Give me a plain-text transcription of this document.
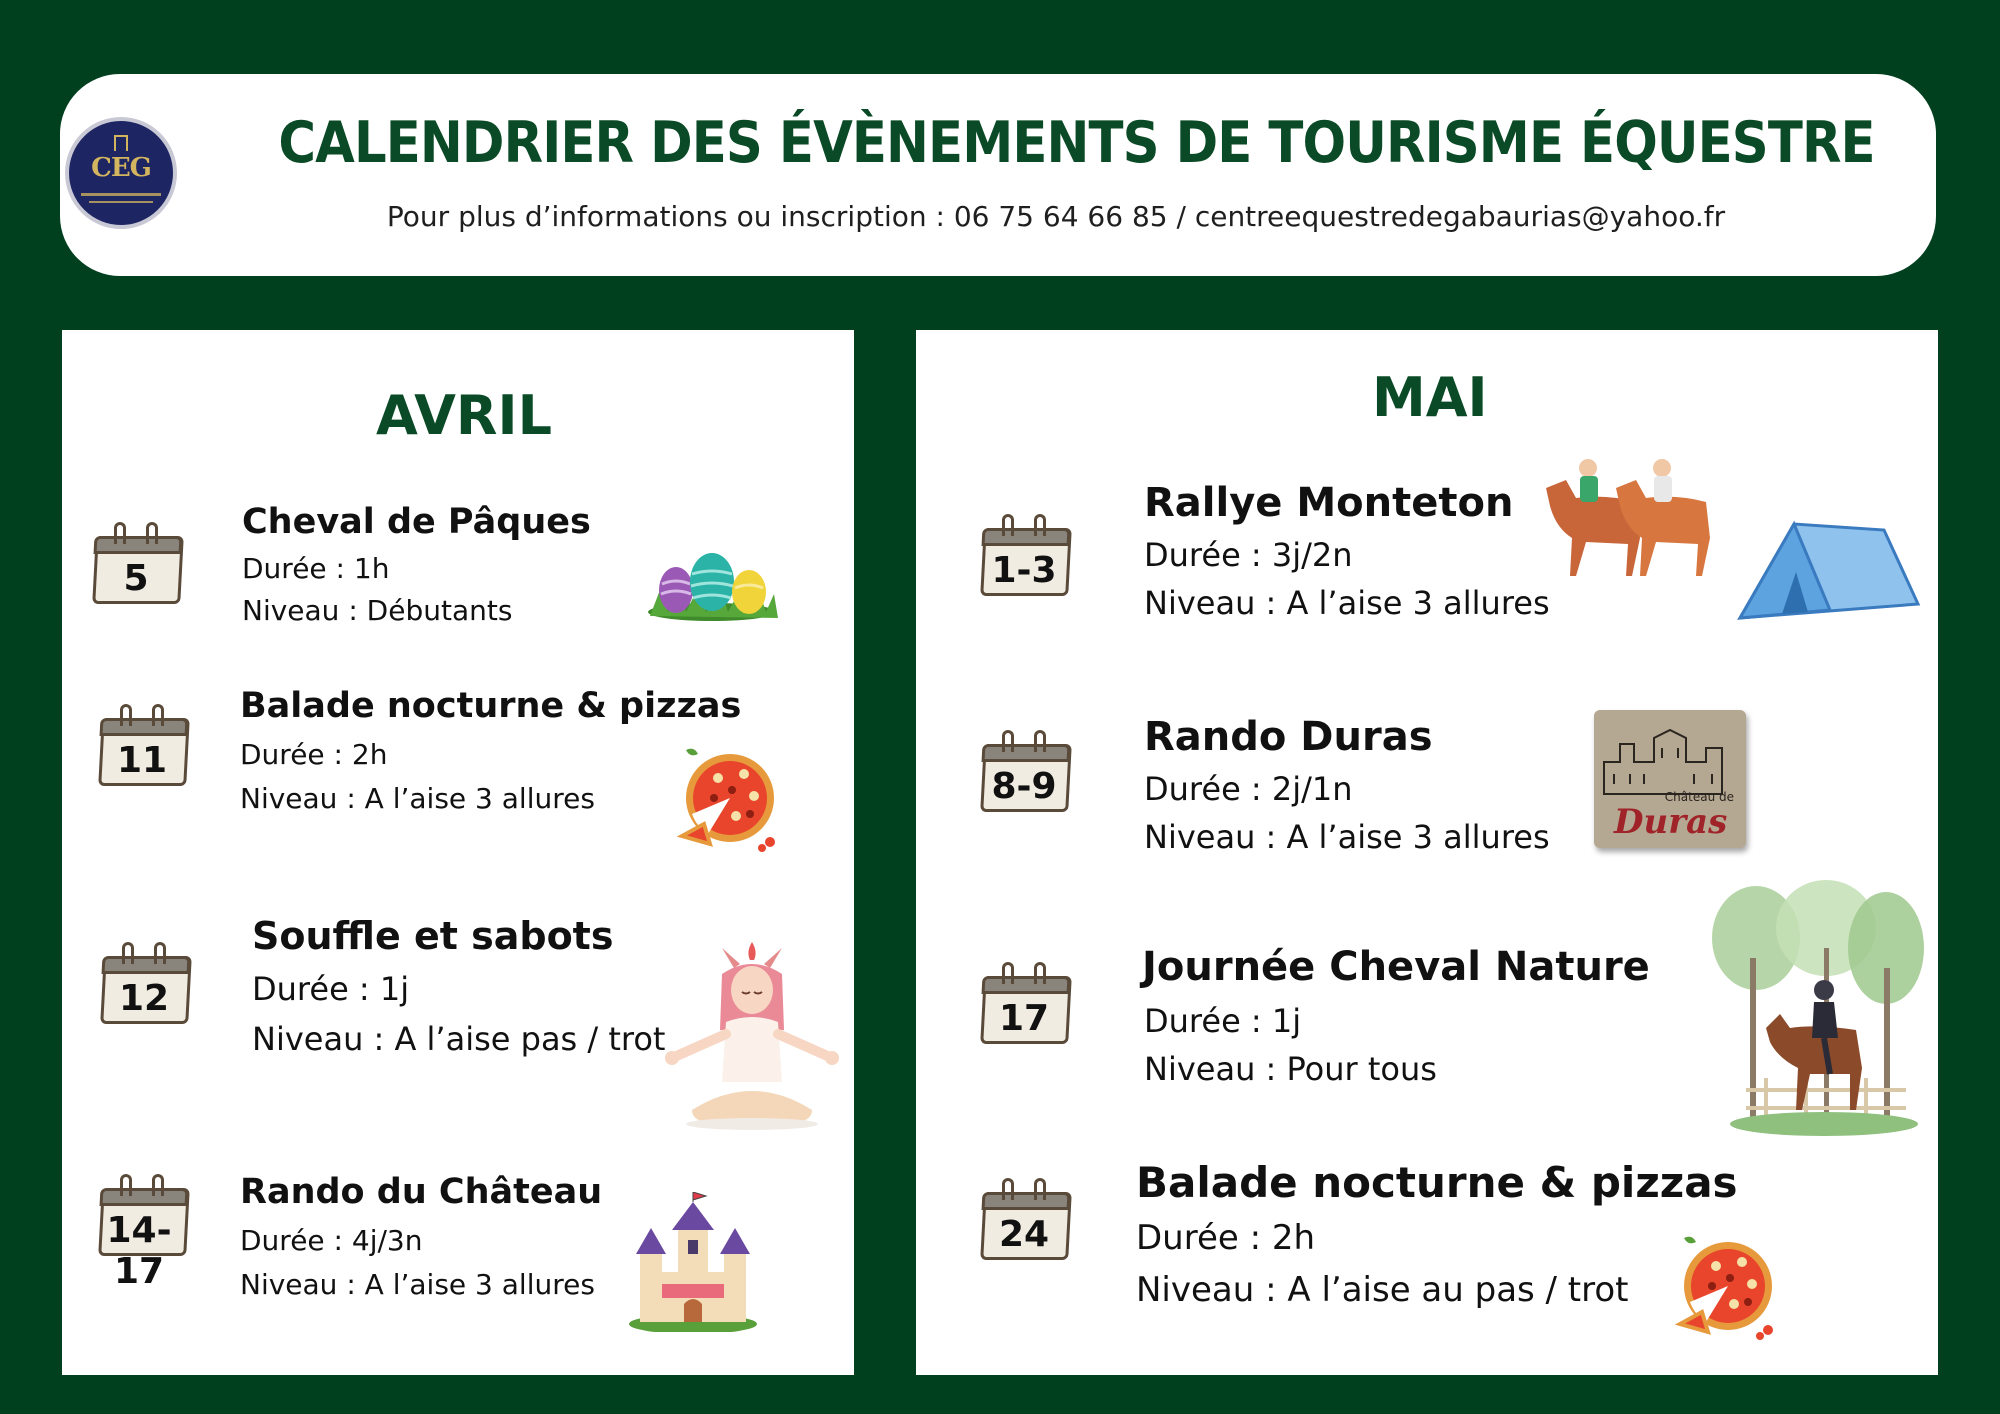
CEG	CALENDRIER DES ÉVÈNEMENTS DE TOURISME ÉQUESTRE
Pour plus d’informations ou inscription : 06 75 64 66 85 / centreequestredegabaurias@yahoo.fr
AVRIL
5
Cheval de Pâques
Durée : 1h
Niveau : Débutants
11
Balade nocturne & pizzas
Durée : 2h
Niveau : A l’aise 3 allures
12
Souffle et sabots
Durée : 1j
Niveau : A l’aise pas / trot
14-17
Rando du Château
Durée : 4j/3n
Niveau : A l’aise 3 allures
MAI
1-3
Rallye Monteton
Durée : 3j/2n
Niveau : A l’aise 3 allures
8-9
Rando Duras
Durée : 2j/1n
Niveau : A l’aise 3 allures
Château de
Duras
17
Journée Cheval Nature
Durée : 1j
Niveau : Pour tous
24
Balade nocturne & pizzas
Durée : 2h
Niveau : A l’aise au pas / trot
